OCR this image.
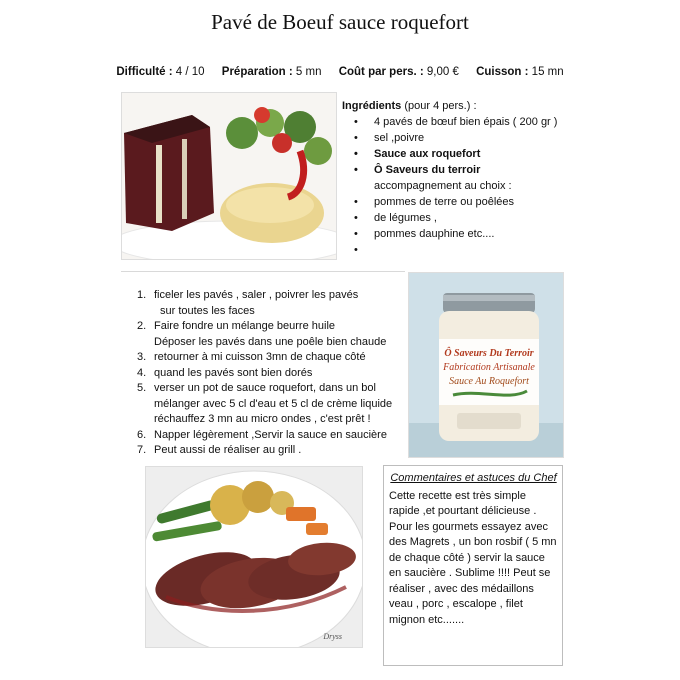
Pavé de Boeuf sauce roquefort
Difficulté : 4 / 10 Préparation : 5 mn Coût par pers. : 9,00 € Cuisson : 15 mn
Ingrédients (pour 4 pers.) :
• 4 pavés de bœuf bien épais ( 200 gr )
• sel ,poivre
• Sauce aux roquefort
• Ô Saveurs du terroir
accompagnement au choix :
• pommes de terre ou poêlées
• de légumes ,
• pommes dauphine etc....
•
1. ficeler les pavés , saler , poivrer les pavés
sur toutes les faces
2. Faire fondre un mélange beurre huile
Déposer les pavés dans une poêle bien chaude
3. retourner à mi cuisson 3mn de chaque côté
4. quand les pavés sont bien dorés
5. verser un pot de sauce roquefort, dans un bol
mélanger avec 5 cl d'eau et 5 cl de crème liquide
réchauffez 3 mn au micro ondes , c'est prêt !
6. Napper légèrement ,Servir la sauce en saucière
7. Peut aussi de réaliser au grill .
Ô Saveurs Du Terroir
Fabrication Artisanale
Sauce Au Roquefort
Dryss
Commentaires et astuces du Chef
Cette recette est très simple rapide ,et pourtant délicieuse . Pour les gourmets essayez avec des Magrets , un bon rosbif ( 5 mn de chaque côté ) servir la sauce en saucière . Sublime !!!! Peut se réaliser , avec des médaillons veau , porc , escalope , filet mignon etc.......
